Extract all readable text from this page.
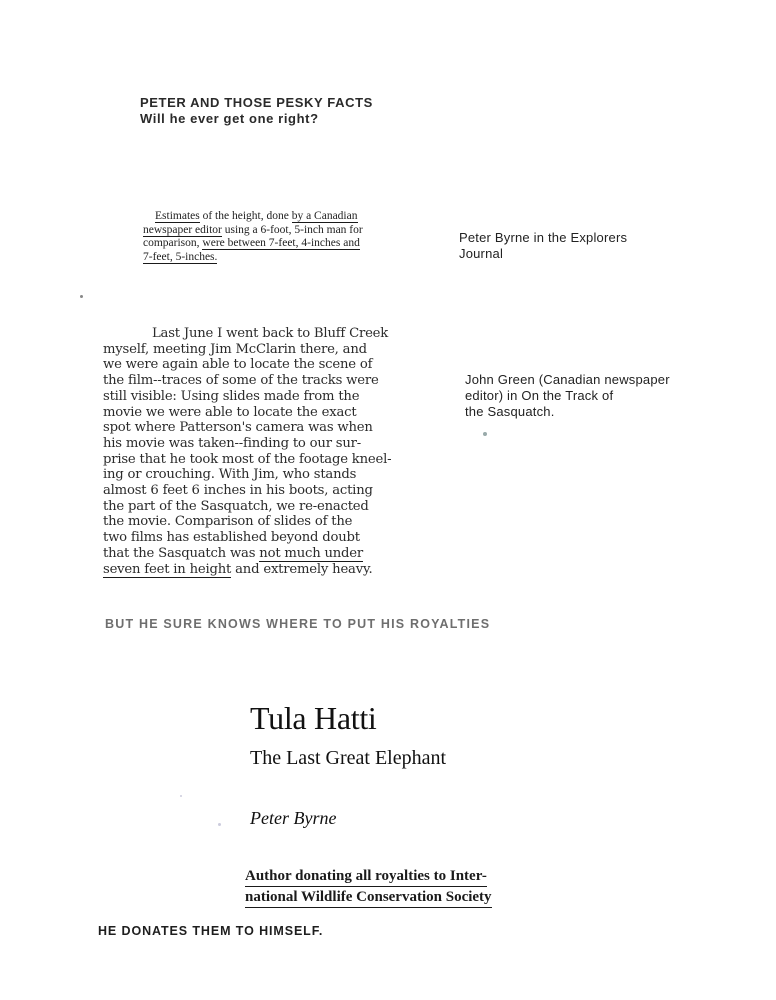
PETER AND THOSE PESKY FACTS
Will he ever get one right?
Estimates of the height, done by a Canadian
newspaper editor using a 6-foot, 5-inch man for
comparison, were between 7-feet, 4-inches and
7-feet, 5-inches.
Peter Byrne in the Explorers
Journal
Last June I went back to Bluff Creek
myself, meeting Jim McClarin there, and
we were again able to locate the scene of
the film--traces of some of the tracks were
still visible: Using slides made from the
movie we were able to locate the exact
spot where Patterson's camera was when
his movie was taken--finding to our sur-
prise that he took most of the footage kneel-
ing or crouching. With Jim, who stands
almost 6 feet 6 inches in his boots, acting
the part of the Sasquatch, we re-enacted
the movie. Comparison of slides of the
two films has established beyond doubt
that the Sasquatch was not much under
seven feet in height and extremely heavy.
John Green (Canadian newspaper
editor) in On the Track of
the Sasquatch.
BUT HE SURE KNOWS WHERE TO PUT HIS ROYALTIES
Tula Hatti
The Last Great Elephant
Peter Byrne
Author donating all royalties to Inter-
national Wildlife Conservation Society
HE DONATES THEM TO HIMSELF.
